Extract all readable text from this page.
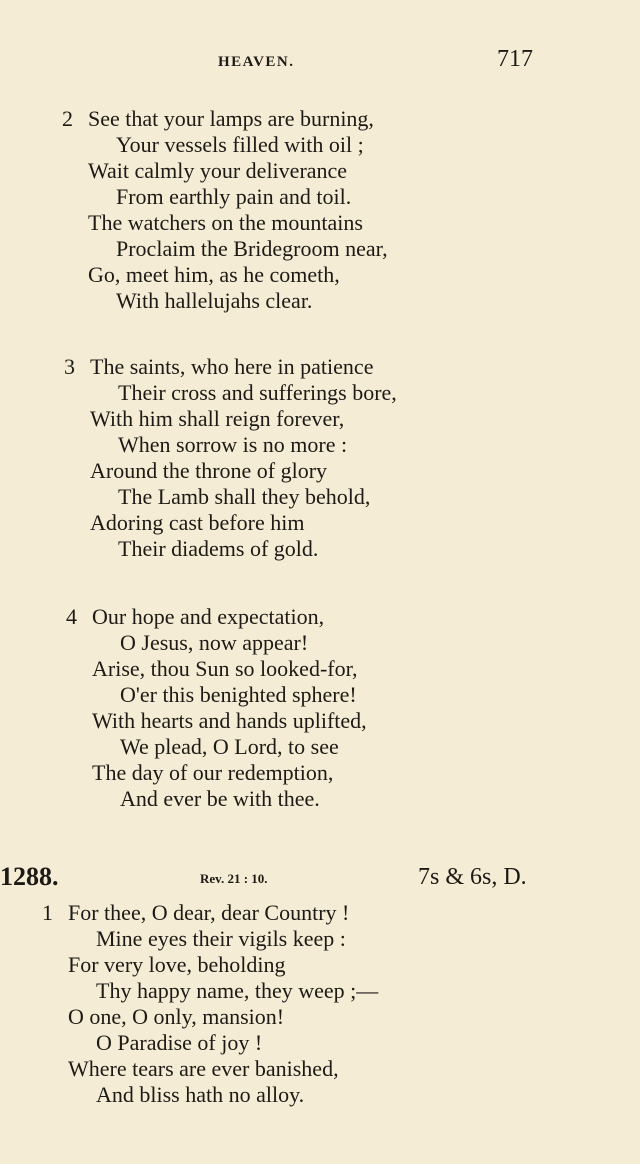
HEAVEN.	717
2 See that your lamps are burning,
Your vessels filled with oil ;
Wait calmly your deliverance
From earthly pain and toil.
The watchers on the mountains
Proclaim the Bridegroom near,
Go, meet him, as he cometh,
With hallelujahs clear.
3 The saints, who here in patience
Their cross and sufferings bore,
With him shall reign forever,
When sorrow is no more :
Around the throne of glory
The Lamb shall they behold,
Adoring cast before him
Their diadems of gold.
4 Our hope and expectation,
O Jesus, now appear!
Arise, thou Sun so looked-for,
O'er this benighted sphere!
With hearts and hands uplifted,
We plead, O Lord, to see
The day of our redemption,
And ever be with thee.
1288.	Rev. 21 : 10.	7s & 6s, D.
1 For thee, O dear, dear Country !
Mine eyes their vigils keep :
For very love, beholding
Thy happy name, they weep ;—
O one, O only, mansion!
O Paradise of joy !
Where tears are ever banished,
And bliss hath no alloy.
